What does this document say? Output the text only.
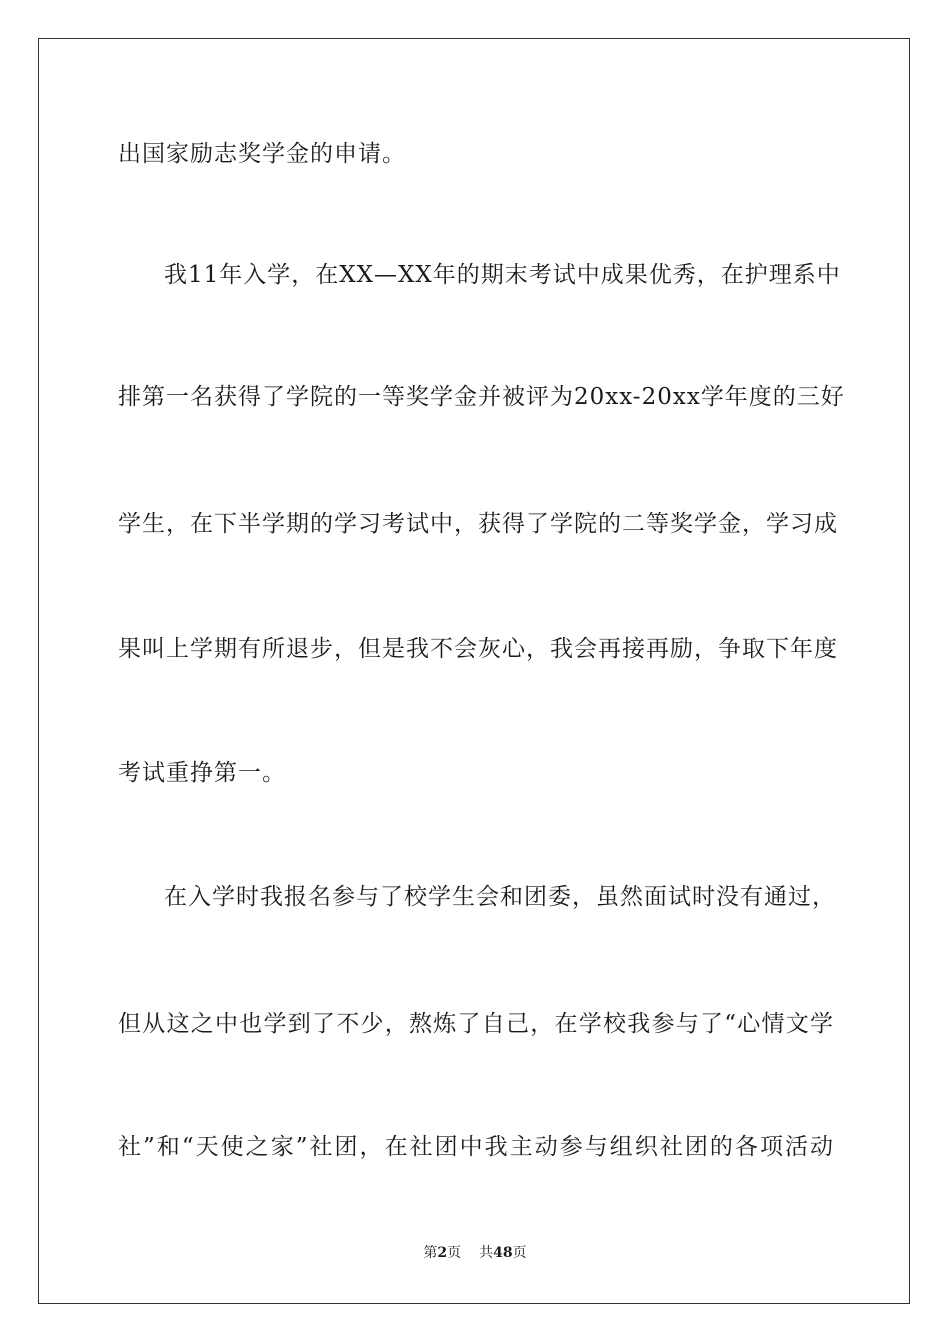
出国家励志奖学金的申请。
我11年入学，在XX—XX年的期末考试中成果优秀，在护理系中
排第一名获得了学院的一等奖学金并被评为20xx-20xx学年度的三好
学生，在下半学期的学习考试中，获得了学院的二等奖学金，学习成
果叫上学期有所退步，但是我不会灰心，我会再接再励，争取下年度
考试重挣第一。
在入学时我报名参与了校学生会和团委，虽然面试时没有通过，
但从这之中也学到了不少，熬炼了自己，在学校我参与了“心情文学
社”和“天使之家”社团，在社团中我主动参与组织社团的各项活动
第2页 共48页
